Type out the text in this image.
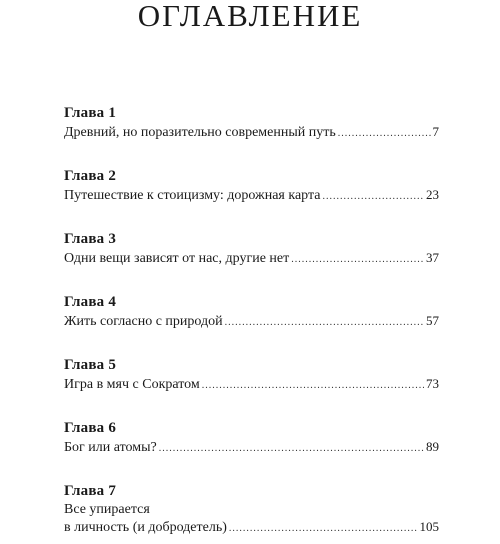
ОГЛАВЛЕНИЕ
Глава 1
Древний, но поразительно современный путь .....	7
Глава 2
Путешествие к стоицизму: дорожная карта .....	23
Глава 3
Одни вещи зависят от нас, другие нет .....	37
Глава 4
Жить согласно с природой .....	57
Глава 5
Игра в мяч с Сократом .....	73
Глава 6
Бог или атомы? .....	89
Глава 7
Все упирается
в личность (и добродетель) .....	105
